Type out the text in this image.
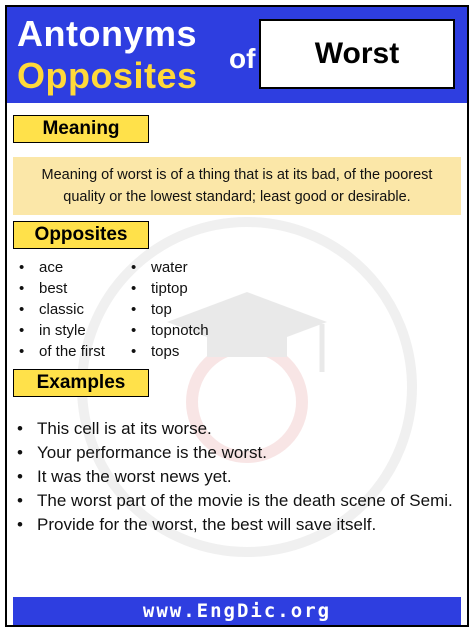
Antonyms
Opposites of Worst
Meaning
Meaning of worst is of a thing that is at its bad, of the poorest quality or the lowest standard; least good or desirable.
Opposites
• ace
• best
• classic
• in style
• of the first
• water
• tiptop
• top
• topnotch
• tops
Examples
• This cell is at its worse.
• Your performance is the worst.
• It was the worst news yet.
• The worst part of the movie is the death scene of Semi.
• Provide for the worst, the best will save itself.
www.EngDic.org
